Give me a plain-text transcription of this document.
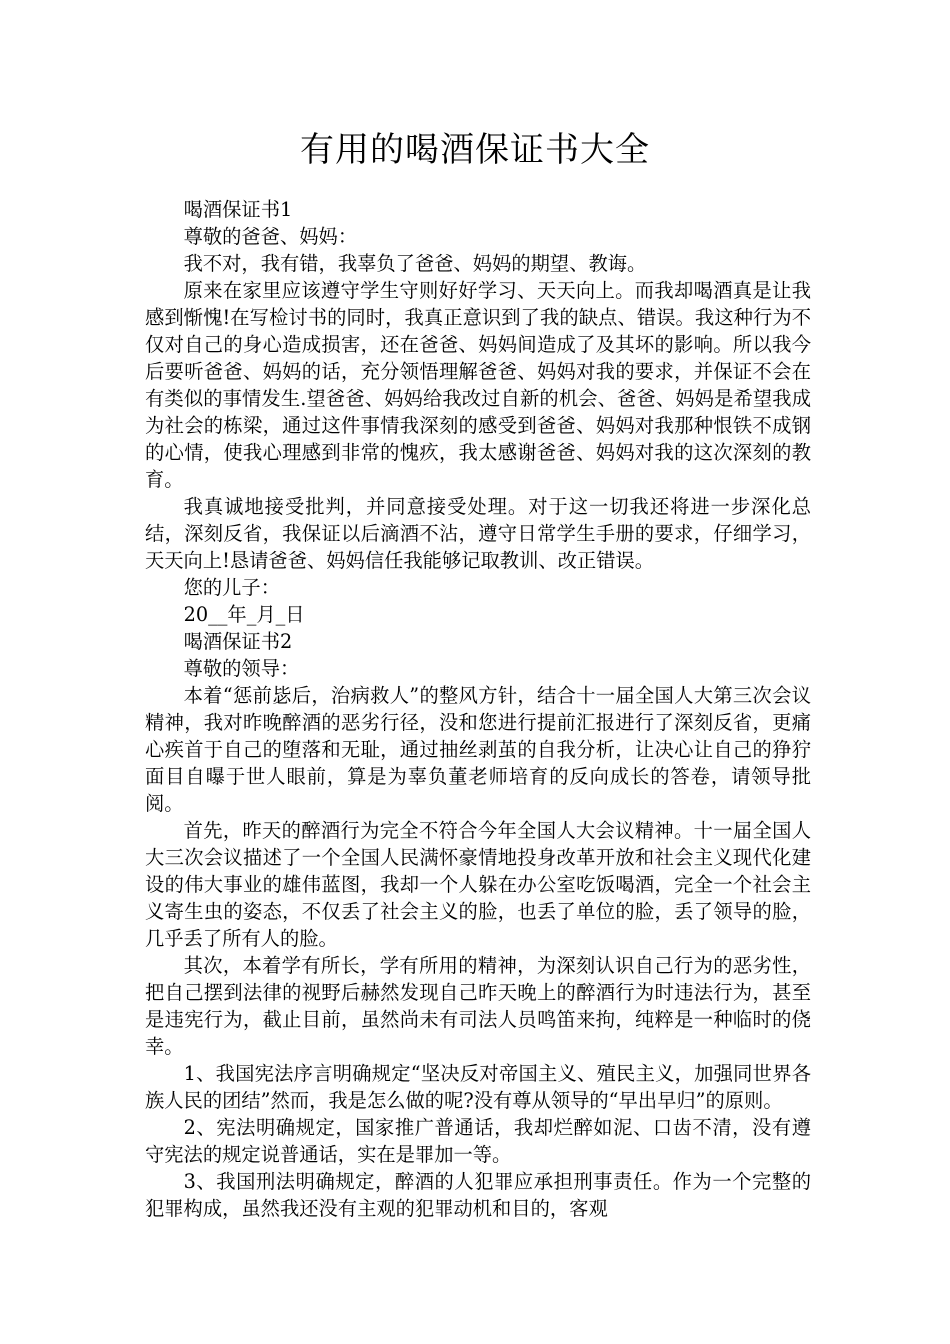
有用的喝酒保证书大全

喝酒保证书1

尊敬的爸爸、妈妈：

我不对，我有错，我辜负了爸爸、妈妈的期望、教诲。

原来在家里应该遵守学生守则好好学习、天天向上。而我却喝酒真是让我感到惭愧!在写检讨书的同时，我真正意识到了我的缺点、错误。我这种行为不仅对自己的身心造成损害，还在爸爸、妈妈间造成了及其坏的影响。所以我今后要听爸爸、妈妈的话，充分领悟理解爸爸、妈妈对我的要求，并保证不会在有类似的事情发生.望爸爸、妈妈给我改过自新的机会、爸爸、妈妈是希望我成为社会的栋梁，通过这件事情我深刻的感受到爸爸、妈妈对我那种恨铁不成钢的心情，使我心理感到非常的愧疚，我太感谢爸爸、妈妈对我的这次深刻的教育。

我真诚地接受批判，并同意接受处理。对于这一切我还将进一步深化总结，深刻反省，我保证以后滴酒不沾，遵守日常学生手册的要求，仔细学习，天天向上!恳请爸爸、妈妈信任我能够记取教训、改正错误。

您的儿子：

20__年_月_日

喝酒保证书2

尊敬的领导：

本着“惩前毖后，治病救人”的整风方针，结合十一届全国人大第三次会议精神，我对昨晚醉酒的恶劣行径，没和您进行提前汇报进行了深刻反省，更痛心疾首于自己的堕落和无耻，通过抽丝剥茧的自我分析，让决心让自己的狰狞面目自曝于世人眼前，算是为辜负董老师培育的反向成长的答卷，请领导批阅。

首先，昨天的醉酒行为完全不符合今年全国人大会议精神。十一届全国人大三次会议描述了一个全国人民满怀豪情地投身改革开放和社会主义现代化建设的伟大事业的雄伟蓝图，我却一个人躲在办公室吃饭喝酒，完全一个社会主义寄生虫的姿态，不仅丢了社会主义的脸，也丢了单位的脸，丢了领导的脸，几乎丢了所有人的脸。

其次，本着学有所长，学有所用的精神，为深刻认识自己行为的恶劣性，把自己摆到法律的视野后赫然发现自己昨天晚上的醉酒行为时违法行为，甚至是违宪行为，截止目前，虽然尚未有司法人员鸣笛来拘，纯粹是一种临时的侥幸。

1、我国宪法序言明确规定“坚决反对帝国主义、殖民主义，加强同世界各族人民的团结”然而，我是怎么做的呢?没有尊从领导的“早出早归”的原则。

2、宪法明确规定，国家推广普通话，我却烂醉如泥、口齿不清，没有遵守宪法的规定说普通话，实在是罪加一等。

3、我国刑法明确规定，醉酒的人犯罪应承担刑事责任。作为一个完整的犯罪构成，虽然我还没有主观的犯罪动机和目的，客观
